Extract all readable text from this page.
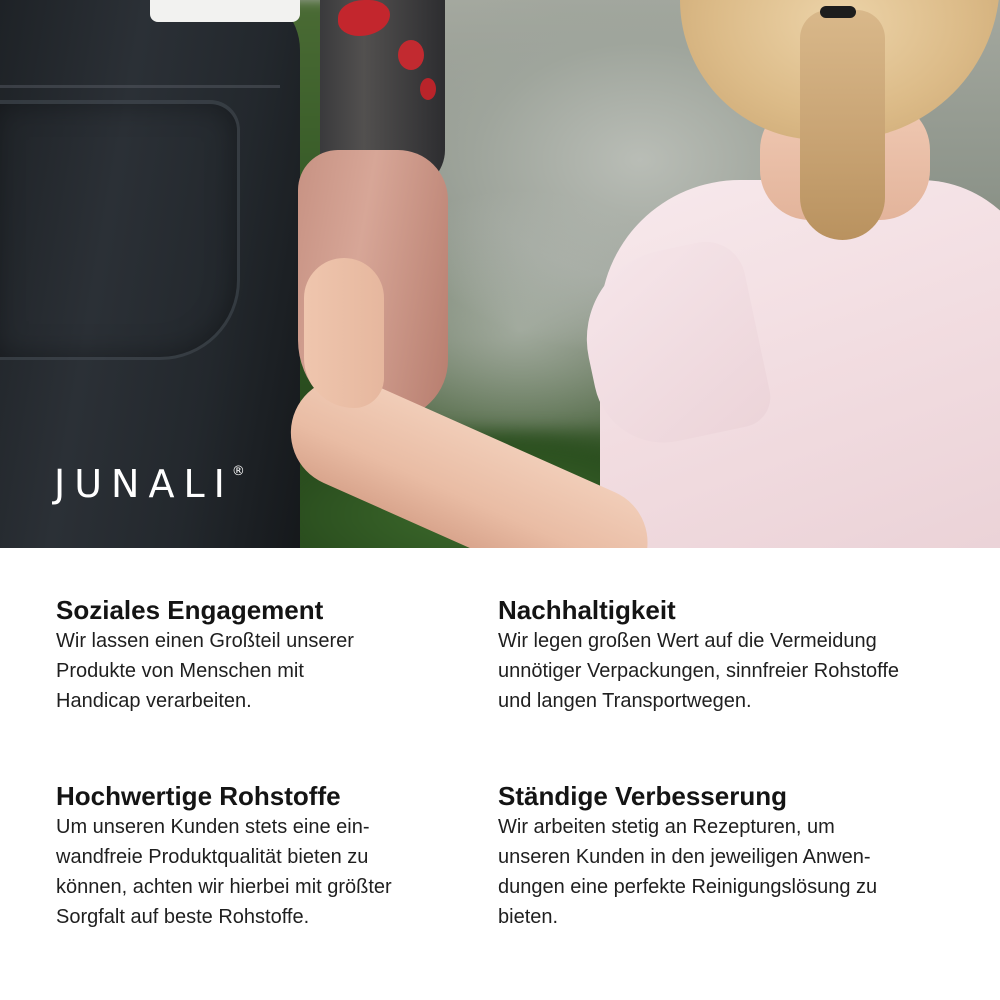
JUNALI
®
Soziales Engagement

Wir lassen einen Großteil unserer
Produkte von Menschen mit
Handicap verarbeiten.

Nachhaltigkeit

Wir legen großen Wert auf die Vermeidung
unnötiger Verpackungen, sinnfreier Rohstoffe
und langen Transportwegen.

Hochwertige Rohstoffe

Um unseren Kunden stets eine ein-
wandfreie Produktqualität bieten zu
können, achten wir hierbei mit größter
Sorgfalt auf beste Rohstoffe.

Ständige Verbesserung

Wir arbeiten stetig an Rezepturen, um
unseren Kunden in den jeweiligen Anwen-
dungen eine perfekte Reinigungslösung zu
bieten.
